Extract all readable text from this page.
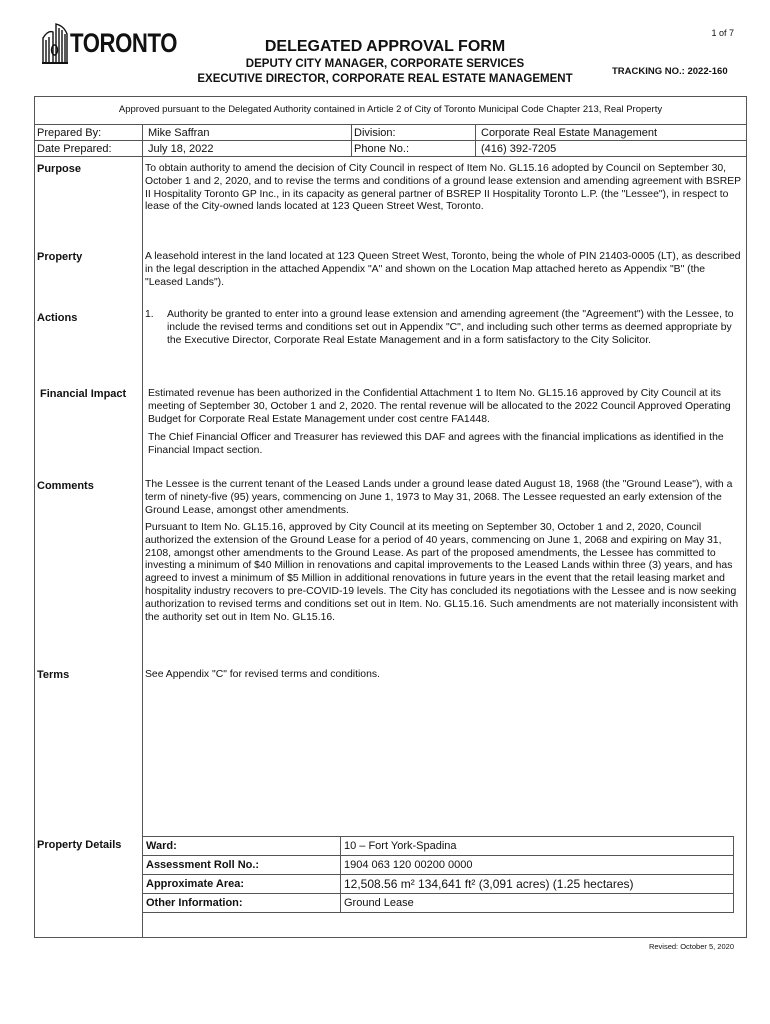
1 of 7
TORONTO	DELEGATED APPROVAL FORM
DEPUTY CITY MANAGER, CORPORATE SERVICES
EXECUTIVE DIRECTOR, CORPORATE REAL ESTATE MANAGEMENT
TRACKING NO.: 2022-160
Approved pursuant to the Delegated Authority contained in Article 2 of City of Toronto Municipal Code Chapter 213, Real Property
Prepared By:	Mike Saffran	Division:	Corporate Real Estate Management
Date Prepared:	July 18, 2022	Phone No.:	(416) 392-7205
Purpose	To obtain authority to amend the decision of City Council in respect of Item No. GL15.16 adopted by Council on September 30, October 1 and 2, 2020, and to revise the terms and conditions of a ground lease extension and amending agreement with BSREP II Hospitality Toronto GP Inc., in its capacity as general partner of BSREP II Hospitality Toronto L.P. (the "Lessee"), in respect to lease of the City-owned lands located at 123 Queen Street West, Toronto.
Property	A leasehold interest in the land located at 123 Queen Street West, Toronto, being the whole of PIN 21403-0005 (LT), as described in the legal description in the attached Appendix "A" and shown on the Location Map attached hereto as Appendix "B" (the "Leased Lands").
Actions	1. Authority be granted to enter into a ground lease extension and amending agreement (the "Agreement") with the Lessee, to include the revised terms and conditions set out in Appendix "C", and including such other terms as deemed appropriate by the Executive Director, Corporate Real Estate Management and in a form satisfactory to the City Solicitor.
Financial Impact Estimated revenue has been authorized in the Confidential Attachment 1 to Item No. GL15.16 approved by City Council at its meeting of September 30, October 1 and 2, 2020. The rental revenue will be allocated to the 2022 Council Approved Operating Budget for Corporate Real Estate Management under cost centre FA1448.
The Chief Financial Officer and Treasurer has reviewed this DAF and agrees with the financial implications as identified in the Financial Impact section.
Comments	The Lessee is the current tenant of the Leased Lands under a ground lease dated August 18, 1968 (the "Ground Lease"), with a term of ninety-five (95) years, commencing on June 1, 1973 to May 31, 2068. The Lessee requested an early extension of the Ground Lease, amongst other amendments.
Pursuant to Item No. GL15.16, approved by City Council at its meeting on September 30, October 1 and 2, 2020, Council authorized the extension of the Ground Lease for a period of 40 years, commencing on June 1, 2068 and expiring on May 31, 2108, amongst other amendments to the Ground Lease. As part of the proposed amendments, the Lessee has committed to investing a minimum of $40 Million in renovations and capital improvements to the Leased Lands within three (3) years, and has agreed to invest a minimum of $5 Million in additional renovations in future years in the event that the retail leasing market and hospitality industry recovers to pre-COVID-19 levels. The City has concluded its negotiations with the Lessee and is now seeking authorization to revised terms and conditions set out in Item. No. GL15.16. Such amendments are not materially inconsistent with the authority set out in Item No. GL15.16.
Terms	See Appendix "C" for revised terms and conditions.
Property Details Ward:	10 – Fort York-Spadina
Assessment Roll No.:	1904 063 120 00200 0000
Approximate Area:	12,508.56 m² 134,641 ft² (3,091 acres) (1.25 hectares)
Other Information:	Ground Lease
Revised: October 5, 2020
